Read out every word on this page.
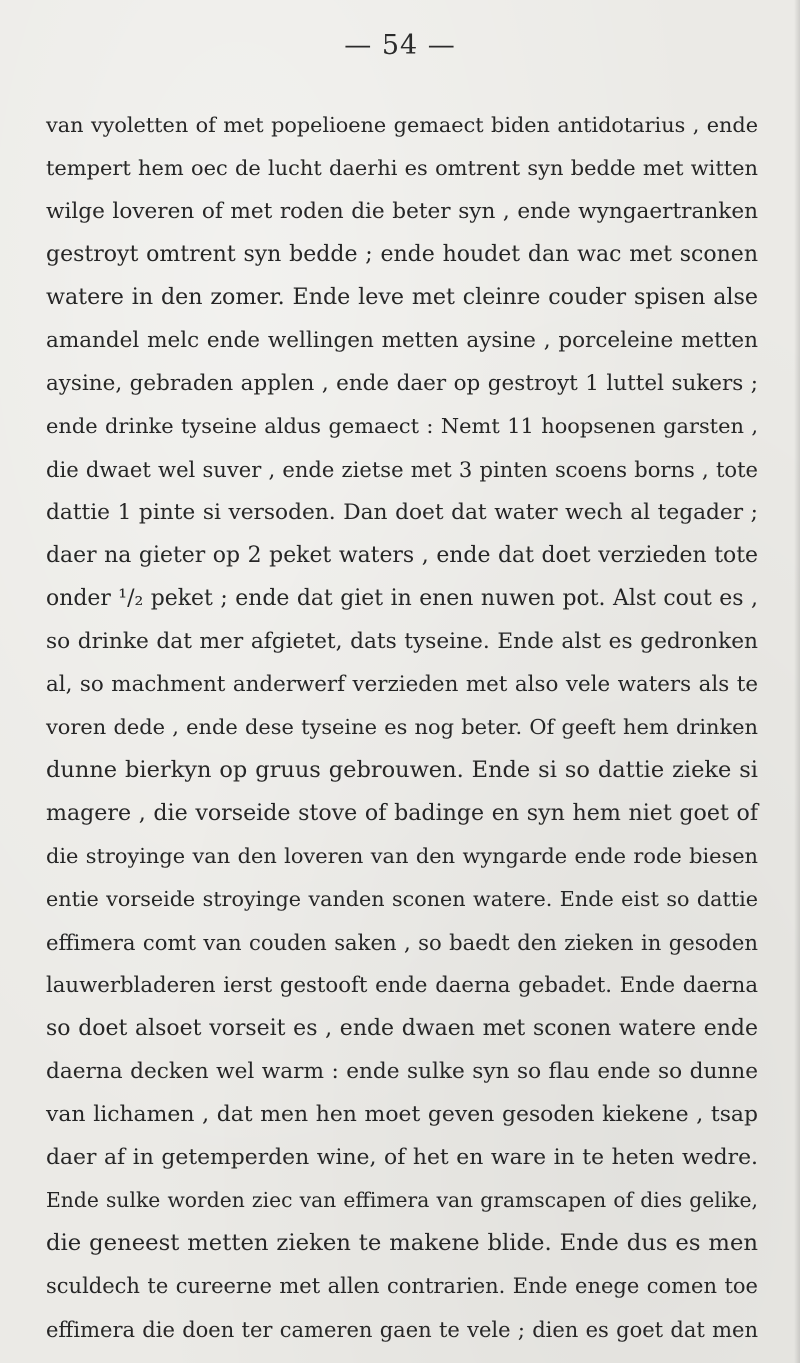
— 54 —
van vyoletten of met popelioene gemaect biden antidotarius , ende
tempert hem oec de lucht daerhi es omtrent syn bedde met witten
wilge loveren of met roden die beter syn , ende wyngaertranken
gestroyt omtrent syn bedde ; ende houdet dan wac met sconen
watere in den zomer. Ende leve met cleinre couder spisen alse
amandel melc ende wellingen metten aysine , porceleine metten
aysine, gebraden applen , ende daer op gestroyt 1 luttel sukers ;
ende drinke tyseine aldus gemaect : Nemt 11 hoopsenen garsten ,
die dwaet wel suver , ende zietse met 3 pinten scoens borns , tote
dattie 1 pinte si versoden. Dan doet dat water wech al tegader ;
daer na gieter op 2 peket waters , ende dat doet verzieden tote
onder ¹/₂ peket ; ende dat giet in enen nuwen pot. Alst cout es ,
so drinke dat mer afgietet, dats tyseine. Ende alst es gedronken
al, so machment anderwerf verzieden met also vele waters als te
voren dede , ende dese tyseine es nog beter. Of geeft hem drinken
dunne bierkyn op gruus gebrouwen. Ende si so dattie zieke si
magere , die vorseide stove of badinge en syn hem niet goet of
die stroyinge van den loveren van den wyngarde ende rode biesen
entie vorseide stroyinge vanden sconen watere. Ende eist so dattie
effimera comt van couden saken , so baedt den zieken in gesoden
lauwerbladeren ierst gestooft ende daerna gebadet. Ende daerna
so doet alsoet vorseit es , ende dwaen met sconen watere ende
daerna decken wel warm : ende sulke syn so flau ende so dunne
van lichamen , dat men hen moet geven gesoden kiekene , tsap
daer af in getemperden wine, of het en ware in te heten wedre.
Ende sulke worden ziec van effimera van gramscapen of dies gelike,
die geneest metten zieken te makene blide. Ende dus es men
sculdech te cureerne met allen contrarien. Ende enege comen toe
effimera die doen ter cameren gaen te vele ; dien es goet dat men
